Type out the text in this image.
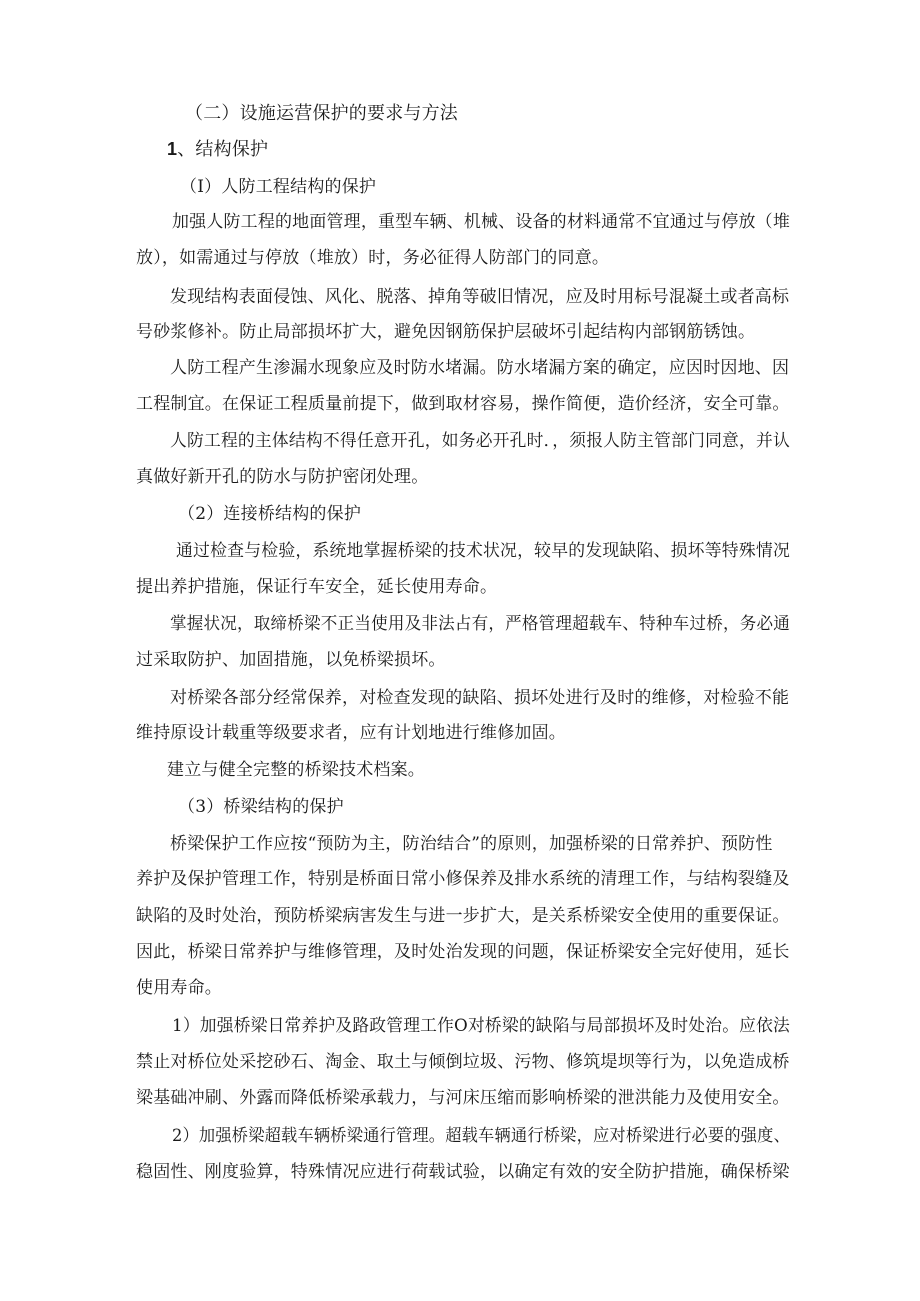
（二）设施运营保护的要求与方法
1、结构保护
（I）人防工程结构的保护
加强人防工程的地面管理，重型车辆、机械、设备的材料通常不宜通过与停放（堆
放），如需通过与停放（堆放）时，务必征得人防部门的同意。
发现结构表面侵蚀、风化、脱落、掉角等破旧情况，应及时用标号混凝土或者高标
号砂浆修补。防止局部损坏扩大，避免因钢筋保护层破坏引起结构内部钢筋锈蚀。
人防工程产生渗漏水现象应及时防水堵漏。防水堵漏方案的确定，应因时因地、因
工程制宜。在保证工程质量前提下，做到取材容易，操作简便，造价经济，安全可靠。
人防工程的主体结构不得任意开孔，如务必开孔时．，须报人防主管部门同意，并认
真做好新开孔的防水与防护密闭处理。
（2）连接桥结构的保护
通过检查与检验，系统地掌握桥梁的技术状况，较早的发现缺陷、损坏等特殊情况
提出养护措施，保证行车安全，延长使用寿命。
掌握状况，取缔桥梁不正当使用及非法占有，严格管理超载车、特种车过桥，务必通
过采取防护、加固措施，以免桥梁损坏。
对桥梁各部分经常保养，对检查发现的缺陷、损坏处进行及时的维修，对检验不能
维持原设计载重等级要求者，应有计划地进行维修加固。
建立与健全完整的桥梁技术档案。
（3）桥梁结构的保护
桥梁保护工作应按“预防为主，防治结合”的原则，加强桥梁的日常养护、预防性
养护及保护管理工作，特别是桥面日常小修保养及排水系统的清理工作，与结构裂缝及
缺陷的及时处治，预防桥梁病害发生与进一步扩大，是关系桥梁安全使用的重要保证。
因此，桥梁日常养护与维修管理，及时处治发现的问题，保证桥梁安全完好使用，延长
使用寿命。
1）加强桥梁日常养护及路政管理工作O对桥梁的缺陷与局部损坏及时处治。应依法
禁止对桥位处采挖砂石、淘金、取土与倾倒垃圾、污物、修筑堤坝等行为，以免造成桥
梁基础冲刷、外露而降低桥梁承载力，与河床压缩而影响桥梁的泄洪能力及使用安全。
2）加强桥梁超载车辆桥梁通行管理。超载车辆通行桥梁，应对桥梁进行必要的强度、
稳固性、刚度验算，特殊情况应进行荷载试验，以确定有效的安全防护措施，确保桥梁
